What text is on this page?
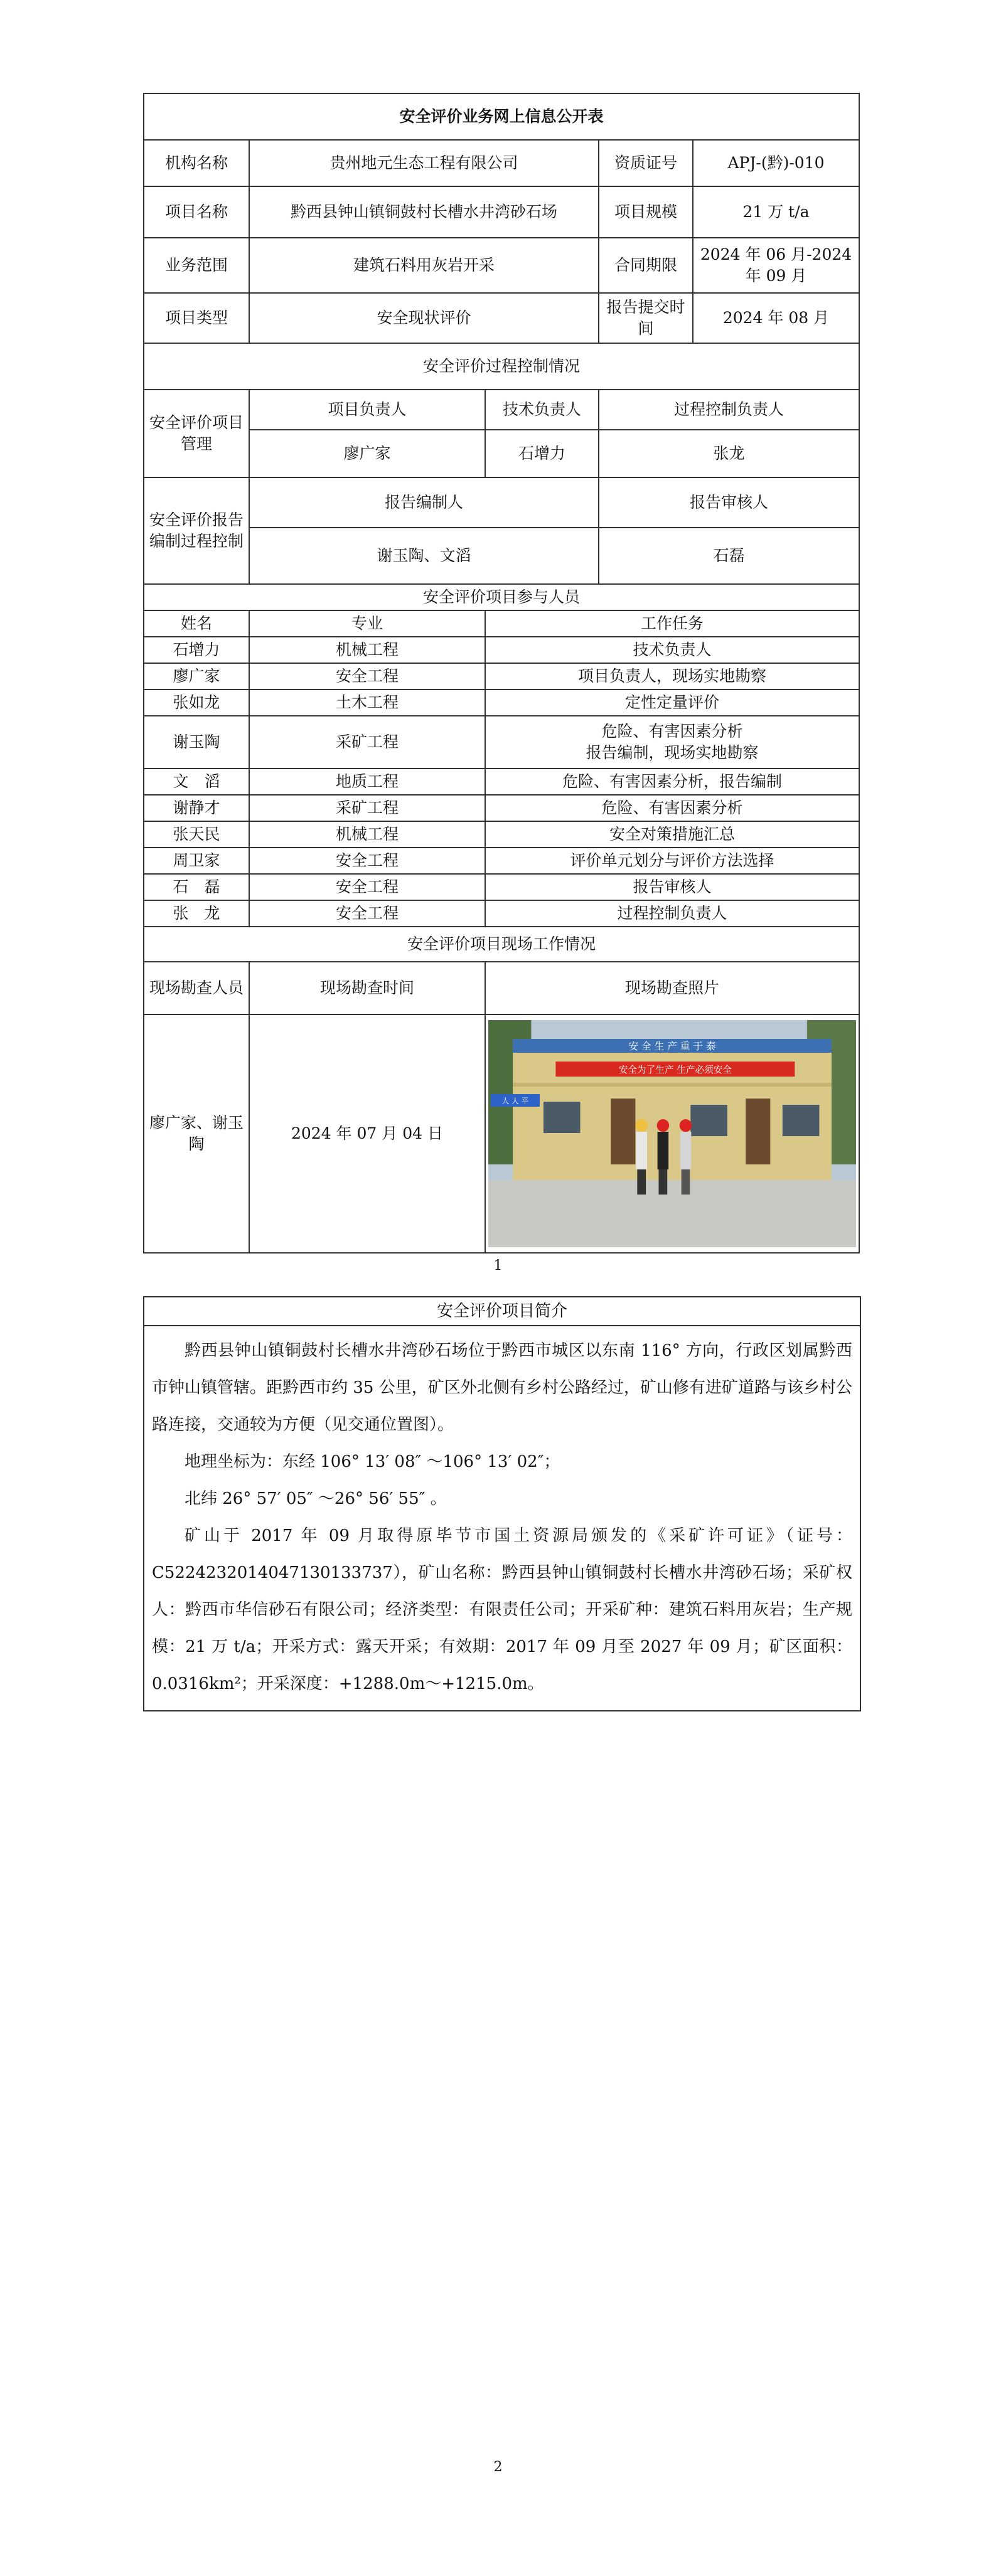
安全评价业务网上信息公开表				
机构名称	贵州地元生态工程有限公司		资质证号	APJ-(黔)-010
项目名称	黔西县钟山镇铜鼓村长槽水井湾砂石场		项目规模	21 万 t/a
业务范围	建筑石料用灰岩开采		合同期限	2024 年 06 月-2024 年 09 月
项目类型	安全现状评价		报告提交时间	2024 年 08 月
安全评价过程控制情况				
安全评价项目管理	项目负责人	技术负责人	过程控制负责人	
	廖广家	石增力	张龙	
安全评价报告编制过程控制	报告编制人		报告审核人	
	谢玉陶、文滔		石磊	
安全评价项目参与人员				
姓名	专业	工作任务		
石增力	机械工程	技术负责人		
廖广家	安全工程	项目负责人，现场实地勘察		
张如龙	土木工程	定性定量评价		
谢玉陶	采矿工程	危险、有害因素分析
报告编制，现场实地勘察		

文　滔	地质工程	危险、有害因素分析，报告编制		
谢静才	采矿工程	危险、有害因素分析		
张天民	机械工程	安全对策措施汇总		
周卫家	安全工程	评价单元划分与评价方法选择		
石　磊	安全工程	报告审核人		
张　龙	安全工程	过程控制负责人		
安全评价项目现场工作情况				
现场勘查人员	现场勘查时间	现场勘查照片		
廖广家、谢玉陶	2024 年 07 月 04 日	安 全 生 产 重 于 泰
安全为了生产 生产必须安全
人 人 平		
1
安全评价项目简介

黔西县钟山镇铜鼓村长槽水井湾砂石场位于黔西市城区以东南 116° 方向，行政区划属黔西市钟山镇管辖。距黔西市约 35 公里，矿区外北侧有乡村公路经过，矿山修有进矿道路与该乡村公路连接，交通较为方便（见交通位置图）。

地理坐标为：东经 106° 13′ 08″ ～106° 13′ 02″；

北纬 26° 57′ 05″ ～26° 56′ 55″ 。

矿山于 2017 年 09 月取得原毕节市国土资源局颁发的《采矿许可证》（证号：C5224232014047130133737），矿山名称：黔西县钟山镇铜鼓村长槽水井湾砂石场；采矿权人：黔西市华信砂石有限公司；经济类型：有限责任公司；开采矿种：建筑石料用灰岩；生产规模：21 万 t/a；开采方式：露天开采；有效期：2017 年 09 月至 2027 年 09 月；矿区面积：0.0316km²；开采深度：+1288.0m～+1215.0m。

2
